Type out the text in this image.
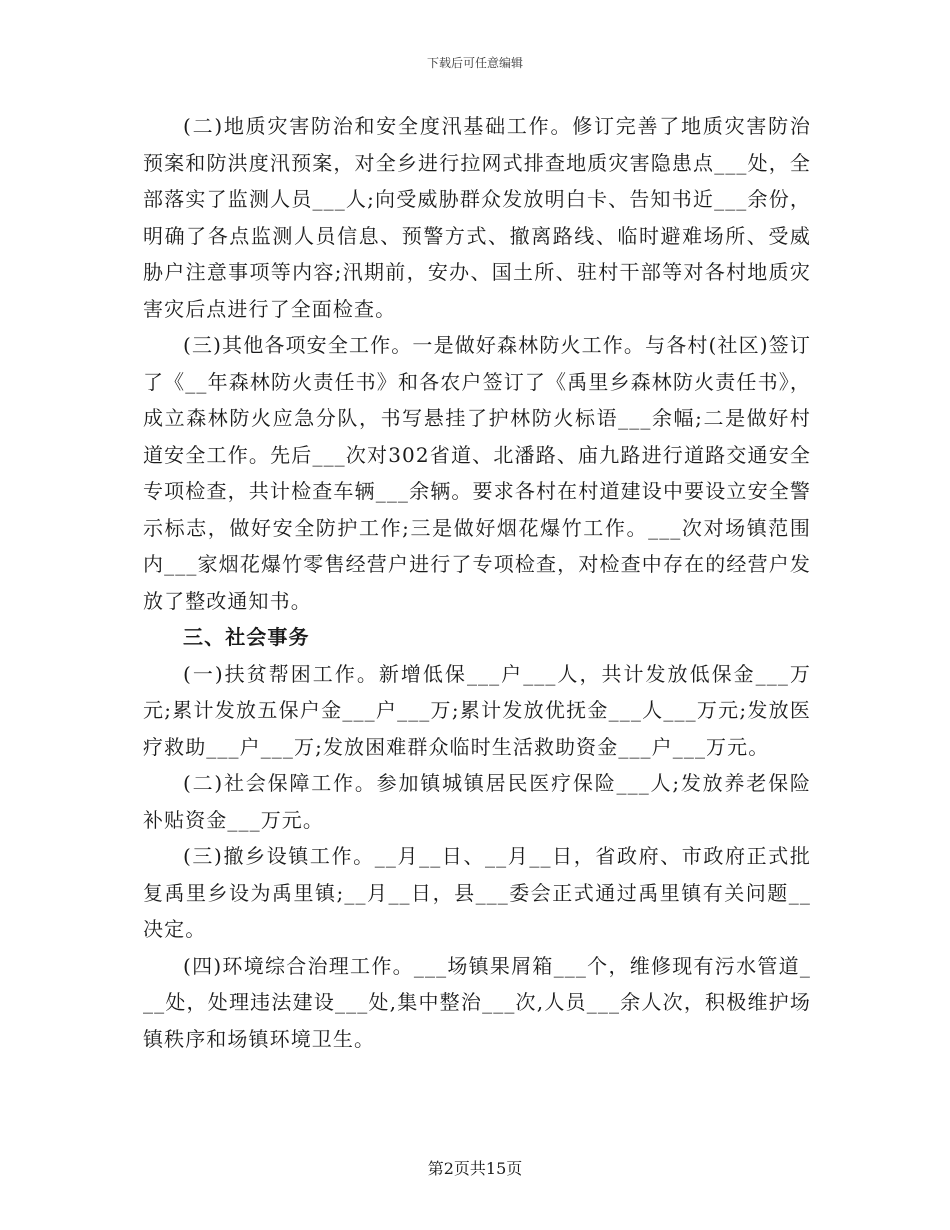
下载后可任意编辑

(二)地质灾害防治和安全度汛基础工作。修订完善了地质灾害防治预案和防洪度汛预案，对全乡进行拉网式排查地质灾害隐患点___处，全部落实了监测人员___人;向受威胁群众发放明白卡、告知书近___余份，明确了各点监测人员信息、预警方式、撤离路线、临时避难场所、受威胁户注意事项等内容;汛期前，安办、国土所、驻村干部等对各村地质灾害灾后点进行了全面检查。

(三)其他各项安全工作。一是做好森林防火工作。与各村(社区)签订了《__年森林防火责任书》和各农户签订了《禹里乡森林防火责任书》，成立森林防火应急分队，书写悬挂了护林防火标语___余幅;二是做好村道安全工作。先后___次对302省道、北潘路、庙九路进行道路交通安全专项检查，共计检查车辆___余辆。要求各村在村道建设中要设立安全警示标志，做好安全防护工作;三是做好烟花爆竹工作。___次对场镇范围内___家烟花爆竹零售经营户进行了专项检查，对检查中存在的经营户发放了整改通知书。

三、社会事务

(一)扶贫帮困工作。新增低保___户___人，共计发放低保金___万元;累计发放五保户金___户___万;累计发放优抚金___人___万元;发放医疗救助___户___万;发放困难群众临时生活救助资金___户___万元。

(二)社会保障工作。参加镇城镇居民医疗保险___人;发放养老保险补贴资金___万元。

(三)撤乡设镇工作。__月__日、__月__日，省政府、市政府正式批复禹里乡设为禹里镇;__月__日，县___委会正式通过禹里镇有关问题__决定。

(四)环境综合治理工作。___场镇果屑箱___个，维修现有污水管道___处，处理违法建设___处,集中整治___次,人员___余人次，积极维护场镇秩序和场镇环境卫生。

第2页共15页
